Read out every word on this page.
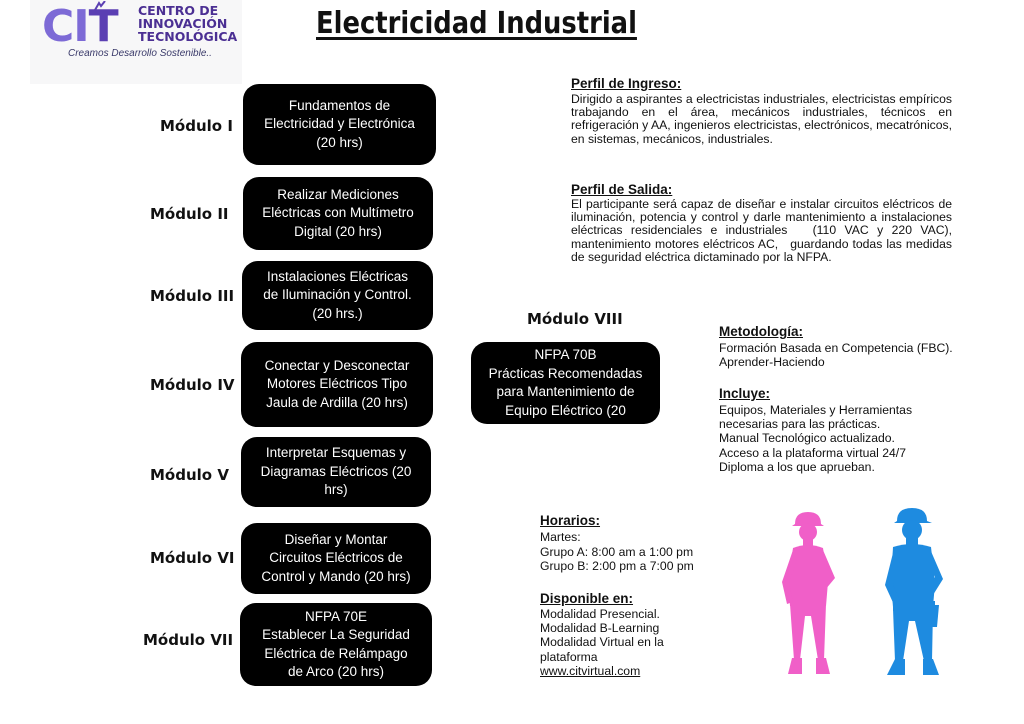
CIT CENTRO DE
INNOVACIÓN
TECNOLÓGICA
Creamos Desarrollo Sostenible..
Electricidad Industrial
Módulo I
Módulo II
Módulo III
Módulo IV
Módulo V
Módulo VI
Módulo VII
Módulo VIII
Fundamentos de
Electricidad y Electrónica
(20 hrs)
Realizar Mediciones
Eléctricas con Multímetro
Digital (20 hrs)
Instalaciones Eléctricas
de Iluminación y Control.
(20 hrs.)
Conectar y Desconectar
Motores Eléctricos Tipo
Jaula de Ardilla (20 hrs)
Interpretar Esquemas y
Diagramas Eléctricos (20
hrs)
Diseñar y Montar
Circuitos Eléctricos de
Control y Mando (20 hrs)
NFPA 70E
Establecer La Seguridad
Eléctrica de Relámpago
de Arco (20 hrs)
NFPA 70B
Prácticas Recomendadas
para Mantenimiento de
Equipo Eléctrico (20
Perfil de Ingreso:
Dirigido a aspirantes a electricistas industriales, electricistas empíricos trabajando en el área, mecánicos industriales, técnicos en refrigeración y AA, ingenieros electricistas, electrónicos, mecatrónicos, en sistemas, mecánicos, industriales.
Perfil de Salida:
El participante será capaz de diseñar e instalar circuitos eléctricos de iluminación, potencia y control y darle mantenimiento a instalaciones eléctricas residenciales e industriales   (110 VAC y 220 VAC), mantenimiento motores eléctricos AC,   guardando todas las medidas de seguridad eléctrica dictaminado por la NFPA.
Metodología:
Formación Basada en Competencia (FBC).
Aprender-Haciendo
Incluye:
Equipos, Materiales y Herramientas
necesarias para las prácticas.
Manual Tecnológico actualizado.
Acceso a la plataforma virtual 24/7
Diploma a los que aprueban.
Horarios:
Martes:
Grupo A: 8:00 am a 1:00 pm
Grupo B: 2:00 pm a 7:00 pm
Disponible en:
Modalidad Presencial.
Modalidad B-Learning
Modalidad Virtual en la
plataforma
www.citvirtual.com
